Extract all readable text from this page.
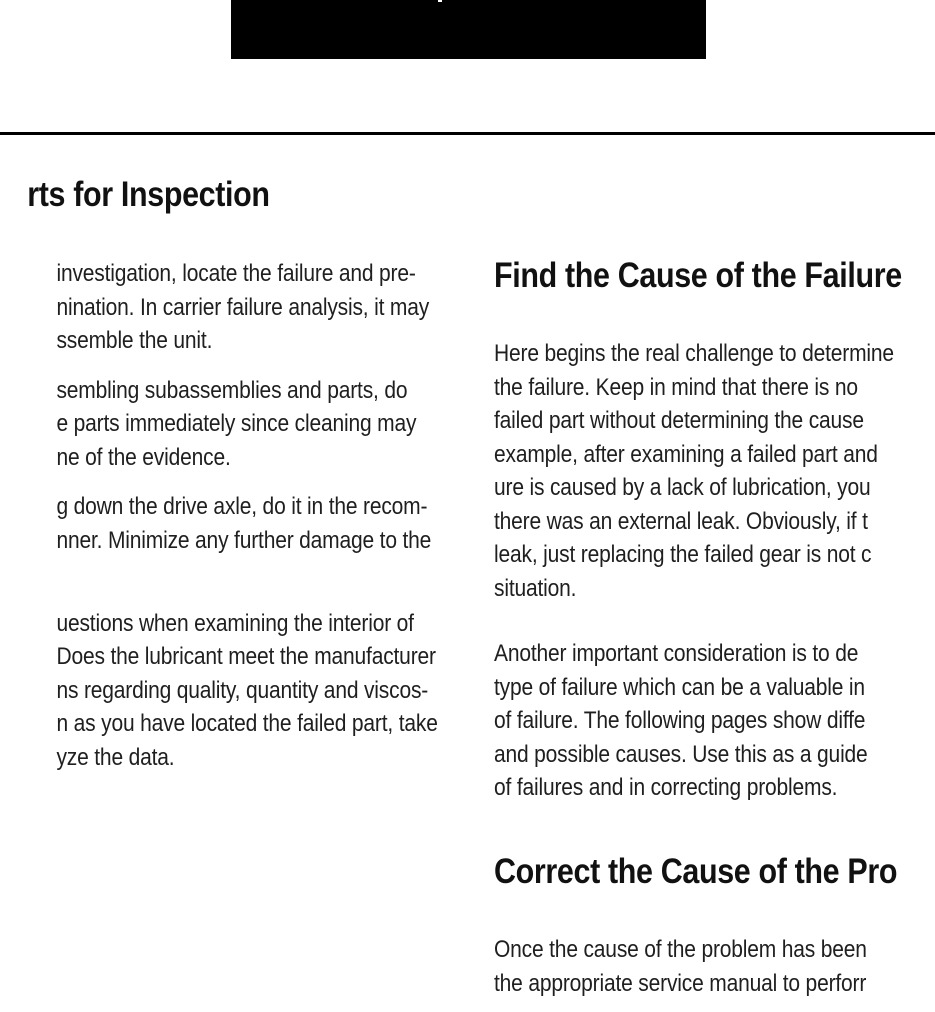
rts for Inspection
investigation, locate the failure and pre-
nination. In carrier failure analysis, it may
ssemble the unit.
sembling subassemblies and parts, do
e parts immediately since cleaning may
ne of the evidence.
g down the drive axle, do it in the recom-
nner. Minimize any further damage to the

uestions when examining the interior of
Does the lubricant meet the manufacturer
ns regarding quality, quantity and viscos-
n as you have located the failed part, take
yze the data.
Find the Cause of the Failure
Here begins the real challenge to determine
the failure. Keep in mind that there is no
failed part without determining the cause
example, after examining a failed part and
ure is caused by a lack of lubrication, you
there was an external leak. Obviously, if t
leak, just replacing the failed gear is not c
situation.
Another important consideration is to de
type of failure which can be a valuable in
of failure. The following pages show diffe
and possible causes. Use this as a guide
of failures and in correcting problems.
Correct the Cause of the Pro
Once the cause of the problem has been
the appropriate service manual to perforr
